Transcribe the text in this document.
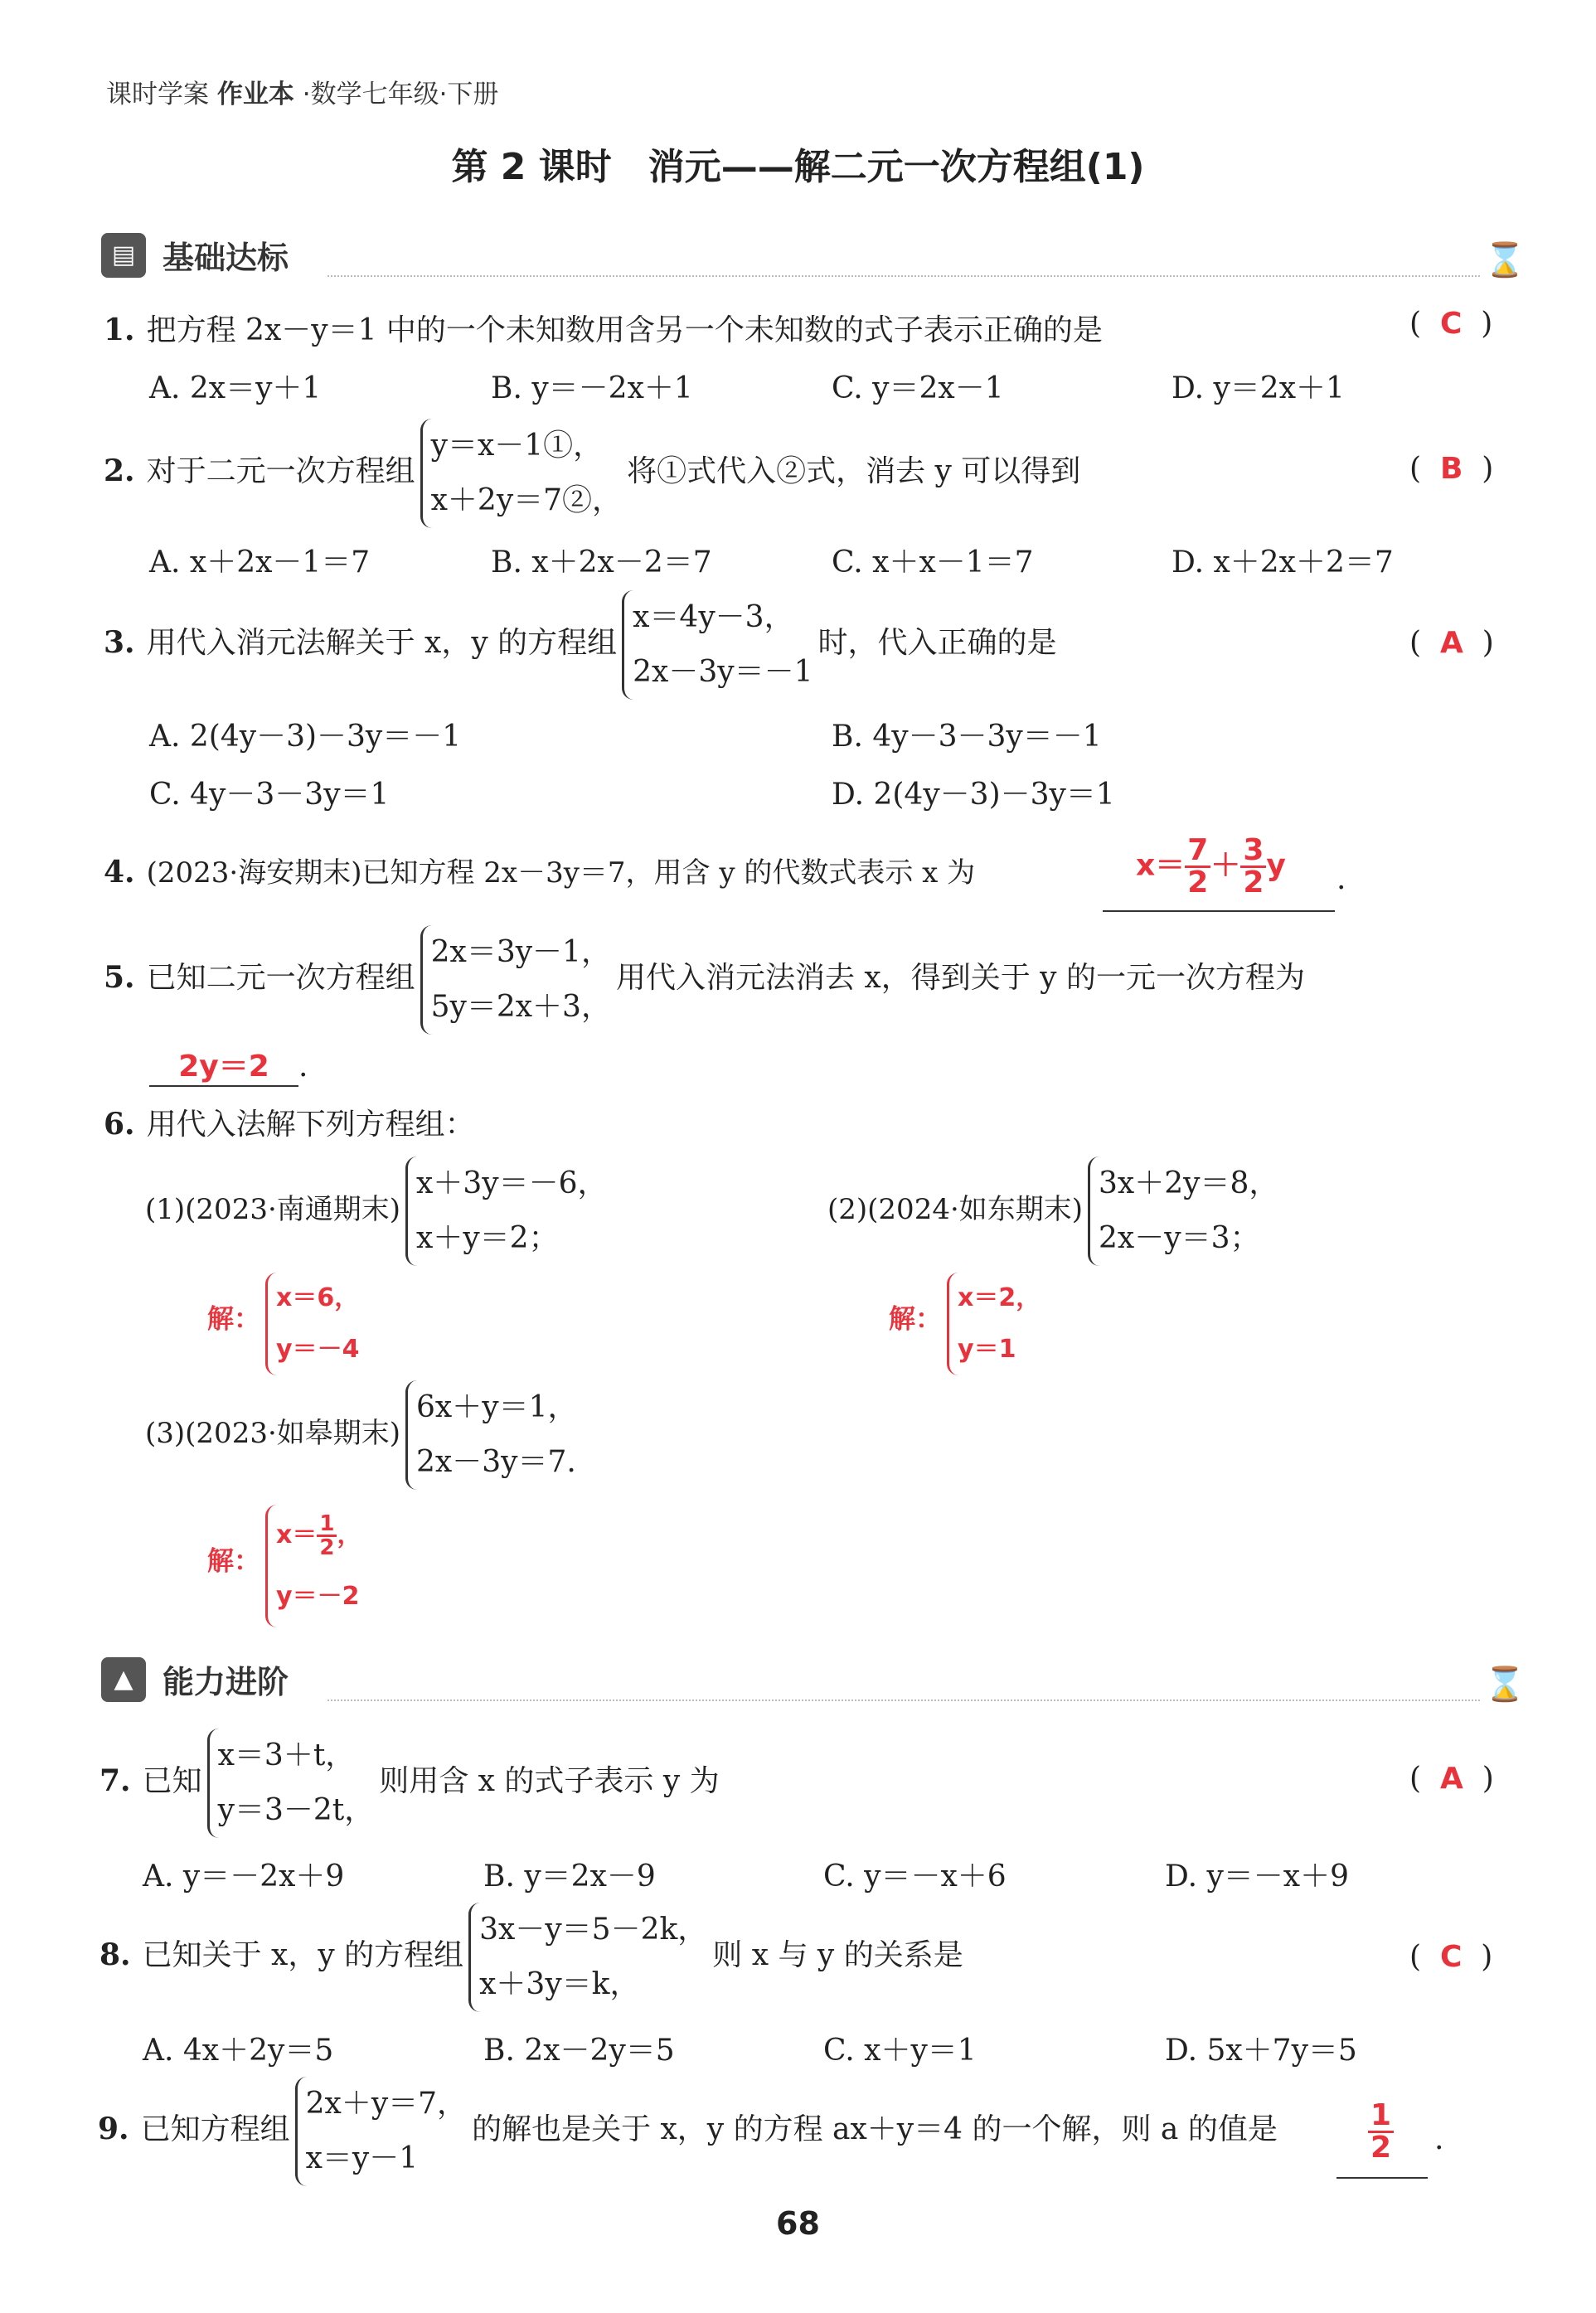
课时学案 作业本 ·数学七年级·下册
第 2 课时　消元——解二元一次方程组(1)
▤ 基础达标	⌛
1. 把方程 2x－y＝1 中的一个未知数用含另一个未知数的式子表示正确的是	( C )
A. 2x＝y＋1	B. y＝－2x＋1	C. y＝2x－1	D. y＝2x＋1
2. 对于二元一次方程组y＝x－1①，
x＋2y＝7②，将①式代入②式，消去 y 可以得到	( B )
A. x＋2x－1＝7	B. x＋2x－2＝7	C. x＋x－1＝7	D. x＋2x＋2＝7
3. 用代入消元法解关于 x，y 的方程组x＝4y－3，
2x－3y＝－1时，代入正确的是	( A )
A. 2(4y－3)－3y＝－1	B. 4y－3－3y＝－1
C. 4y－3－3y＝1	D. 2(4y－3)－3y＝1
4. (2023·海安期末)已知方程 2x－3y＝7，用含 y 的代数式表示 x 为	$x= \frac{7}{2} + \frac{3}{2}$ y .
5. 已知二元一次方程组2x＝3y－1，
5y＝2x＋3，用代入消元法消去 x，得到关于 y 的一元一次方程为
2y＝2 .
6. 用代入法解下列方程组：
(1)(2023·南通期末)x＋3y＝－6，
x＋y＝2；
解：x＝6，
y＝－4
(2)(2024·如东期末)3x＋2y＝8，
2x－y＝3；
解：x＝2，
y＝1
(3)(2023·如皋期末)6x＋y＝1，
2x－3y＝7.
解：$x= \frac{1}{2}$ ，
y＝－2
▲ 能力进阶	⌛
7. 已知x＝3＋t，
y＝3－2t，则用含 x 的式子表示 y 为	( A )
A. y＝－2x＋9	B. y＝2x－9	C. y＝－x＋6	D. y＝－x＋9
8. 已知关于 x，y 的方程组3x－y＝5－2k，
x＋3y＝k，则 x 与 y 的关系是	( C )
A. 4x＋2y＝5	B. 2x－2y＝5	C. x＋y＝1	D. 5x＋7y＝5
9. 已知方程组2x＋y＝7，
x＝y－1的解也是关于 x，y 的方程 ax＋y＝4 的一个解，则 a 的值是	$\frac{1}{2}$ .
68
